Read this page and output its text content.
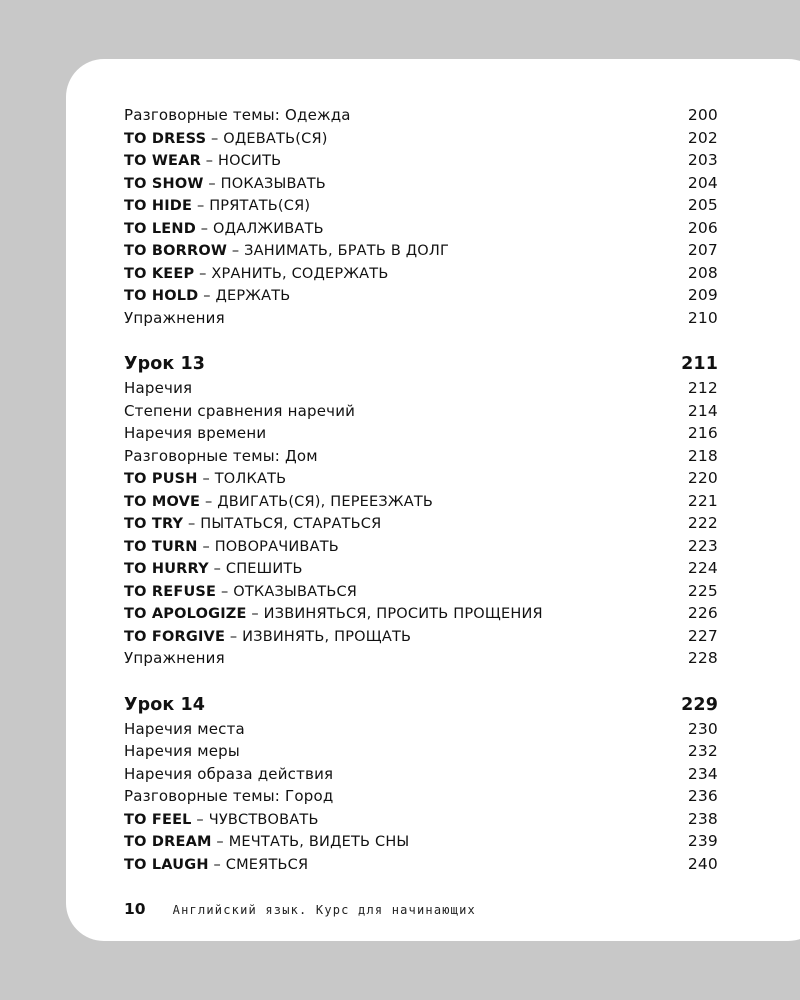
Разговорные темы: Одежда	200
TO DRESS – ОДЕВАТЬ(СЯ)	202
TO WEAR – НОСИТЬ	203
TO SHOW – ПОКАЗЫВАТЬ	204
TO HIDE – ПРЯТАТЬ(СЯ)	205
TO LEND – ОДАЛЖИВАТЬ	206
TO BORROW – ЗАНИМАТЬ, БРАТЬ В ДОЛГ	207
TO KEEP – ХРАНИТЬ, СОДЕРЖАТЬ	208
TO HOLD – ДЕРЖАТЬ	209
Упражнения	210
Урок 13	211
Наречия	212
Степени сравнения наречий	214
Наречия времени	216
Разговорные темы: Дом	218
TO PUSH – ТОЛКАТЬ	220
TO MOVE – ДВИГАТЬ(СЯ), ПЕРЕЕЗЖАТЬ	221
TO TRY – ПЫТАТЬСЯ, СТАРАТЬСЯ	222
TO TURN – ПОВОРАЧИВАТЬ	223
TO HURRY – СПЕШИТЬ	224
TO REFUSE – ОТКАЗЫВАТЬСЯ	225
TO APOLOGIZE – ИЗВИНЯТЬСЯ, ПРОСИТЬ ПРОЩЕНИЯ	226
TO FORGIVE – ИЗВИНЯТЬ, ПРОЩАТЬ	227
Упражнения	228
Урок 14	229
Наречия места	230
Наречия меры	232
Наречия образа действия	234
Разговорные темы: Город	236
TO FEEL – ЧУВСТВОВАТЬ	238
TO DREAM – МЕЧТАТЬ, ВИДЕТЬ СНЫ	239
TO LAUGH – СМЕЯТЬСЯ	240
10 Английский язык. Курс для начинающих
